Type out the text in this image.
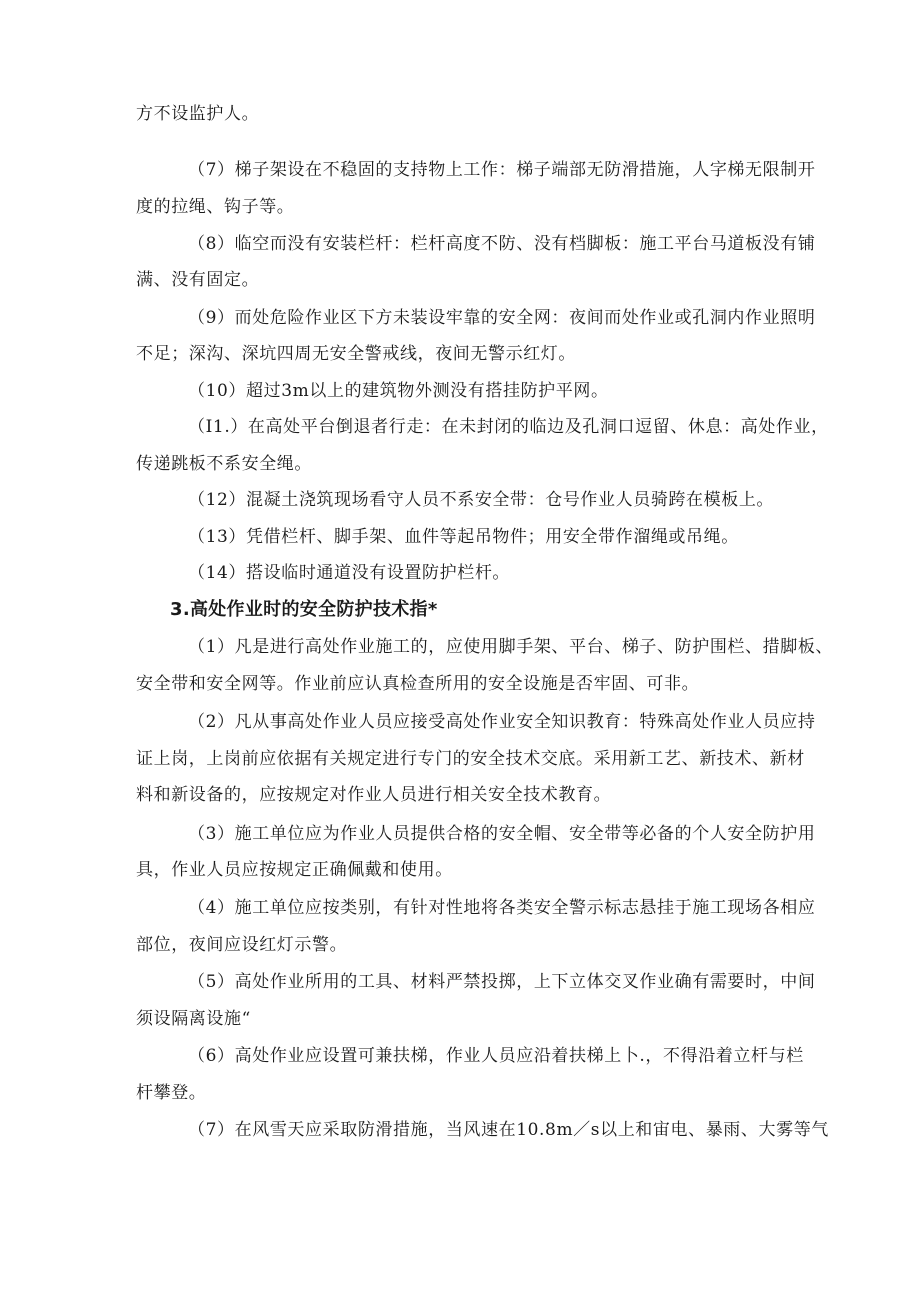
方不设监护人。
（7）梯子架设在不稳固的支持物上工作：梯子端部无防滑措施，人字梯无限制开
度的拉绳、钩子等。
（8）临空而没有安装栏杆：栏杆高度不防、没有档脚板：施工平台马道板没有铺
满、没有固定。
（9）而处危险作业区下方未装设牢靠的安全网：夜间而处作业或孔洞内作业照明
不足；深沟、深坑四周无安全警戒线，夜间无警示红灯。
（10）超过3m以上的建筑物外测没有搭挂防护平网。
（I1.）在高处平台倒退者行走：在未封闭的临边及孔洞口逗留、休息：高处作业，
传递跳板不系安全绳。
（12）混凝土浇筑现场看守人员不系安全带：仓号作业人员骑跨在模板上。
（13）凭借栏杆、脚手架、血件等起吊物件；用安全带作溜绳或吊绳。
（14）搭设临时通道没有设置防护栏杆。
3.高处作业时的安全防护技术指*
（1）凡是进行高处作业施工的，应使用脚手架、平台、梯子、防护围栏、措脚板、
安全带和安全网等。作业前应认真检查所用的安全设施是否牢固、可非。
（2）凡从事高处作业人员应接受高处作业安全知识教育：特殊高处作业人员应持
证上岗，上岗前应依据有关规定进行专门的安全技术交底。采用新工艺、新技术、新材
料和新设备的，应按规定对作业人员进行相关安全技术教育。
（3）施工单位应为作业人员提供合格的安全帽、安全带等必备的个人安全防护用
具，作业人员应按规定正确佩戴和使用。
（4）施工单位应按类别，有针对性地将各类安全警示标志悬挂于施工现场各相应
部位，夜间应设红灯示警。
（5）高处作业所用的工具、材料严禁投掷，上下立体交叉作业确有需要时，中间
须设隔离设施“
（6）高处作业应设置可兼扶梯，作业人员应沿着扶梯上卜.，不得沿着立杆与栏
杆攀登。
（7）在风雪天应采取防滑措施，当风速在10.8m／s以上和宙电、暴雨、大雾等气
